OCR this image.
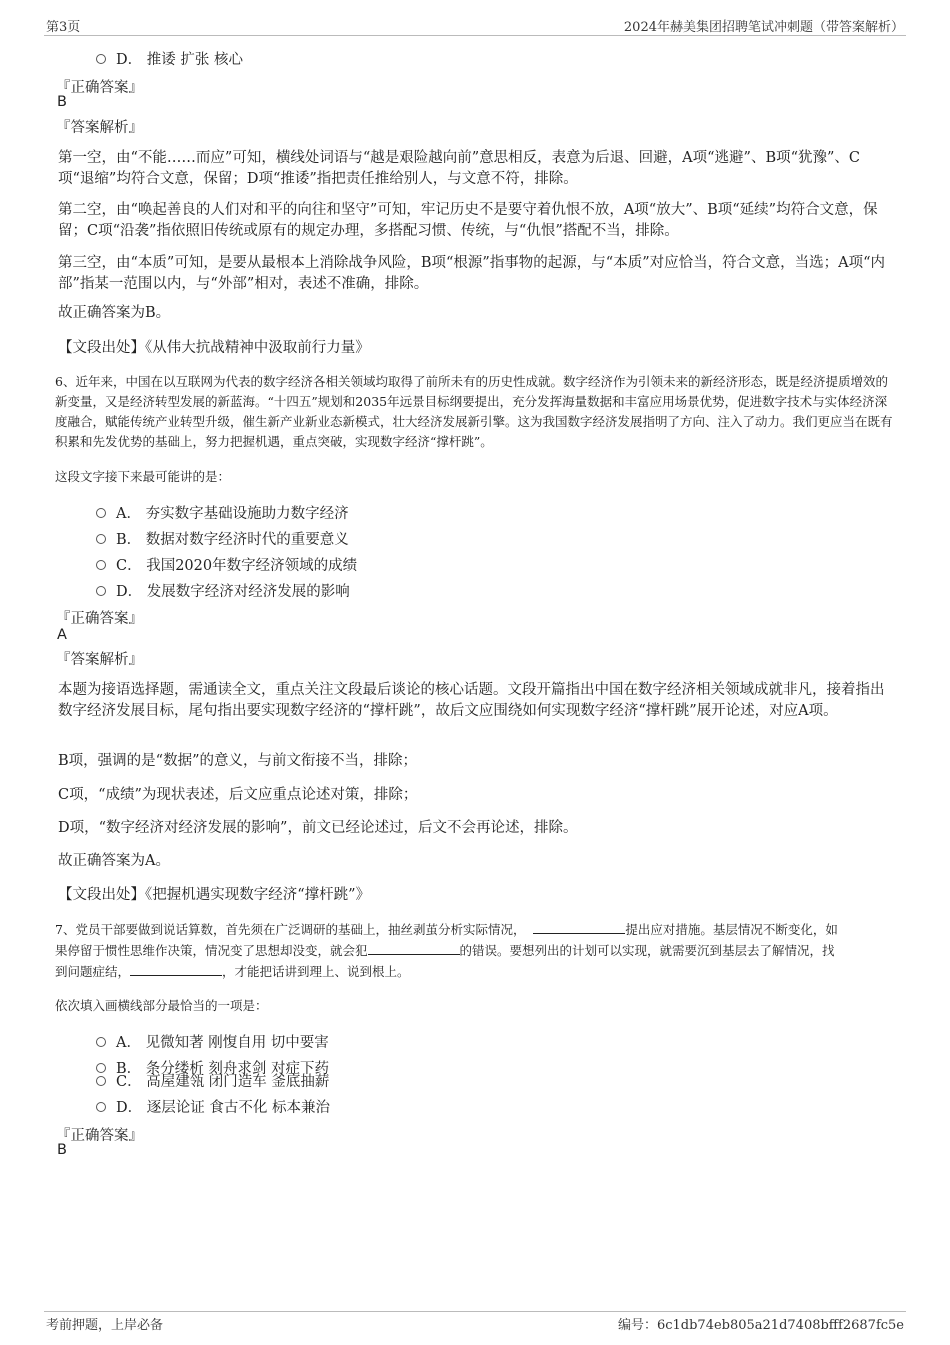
第3页	2024年赫美集团招聘笔试冲刺题（带答案解析）
D． 推诿 扩张 核心
『正确答案』
B
『答案解析』
第一空，由“不能……而应”可知，横线处词语与“越是艰险越向前”意思相反，表意为后退、回避，A项“逃避”、B项“犹豫”、C项“退缩”均符合文意，保留；D项“推诿”指把责任推给别人，与文意不符，排除。
第二空，由“唤起善良的人们对和平的向往和坚守”可知，牢记历史不是要守着仇恨不放，A项“放大”、B项“延续”均符合文意，保留；C项“沿袭”指依照旧传统或原有的规定办理，多搭配习惯、传统，与“仇恨”搭配不当，排除。
第三空，由“本质”可知，是要从最根本上消除战争风险，B项“根源”指事物的起源，与“本质”对应恰当，符合文意，当选；A项“内部”指某一范围以内，与“外部”相对，表述不准确，排除。
故正确答案为B。
【文段出处】《从伟大抗战精神中汲取前行力量》
6、近年来，中国在以互联网为代表的数字经济各相关领域均取得了前所未有的历史性成就。数字经济作为引领未来的新经济形态，既是经济提质增效的新变量，又是经济转型发展的新蓝海。“十四五”规划和2035年远景目标纲要提出，充分发挥海量数据和丰富应用场景优势，促进数字技术与实体经济深度融合，赋能传统产业转型升级，催生新产业新业态新模式，壮大经济发展新引擎。这为我国数字经济发展指明了方向、注入了动力。我们更应当在既有积累和先发优势的基础上，努力把握机遇，重点突破，实现数字经济“撑杆跳”。
这段文字接下来最可能讲的是：
A． 夯实数字基础设施助力数字经济
B． 数据对数字经济时代的重要意义
C． 我国2020年数字经济领域的成绩
D． 发展数字经济对经济发展的影响
『正确答案』
A
『答案解析』
本题为接语选择题，需通读全文，重点关注文段最后谈论的核心话题。文段开篇指出中国在数字经济相关领域成就非凡，接着指出数字经济发展目标，尾句指出要实现数字经济的“撑杆跳”，故后文应围绕如何实现数字经济“撑杆跳”展开论述，对应A项。
B项，强调的是“数据”的意义，与前文衔接不当，排除；
C项，“成绩”为现状表述，后文应重点论述对策，排除；
D项，“数字经济对经济发展的影响”，前文已经论述过，后文不会再论述，排除。
故正确答案为A。
【文段出处】《把握机遇实现数字经济“撑杆跳”》
7、党员干部要做到说话算数，首先须在广泛调研的基础上，抽丝剥茧分析实际情况，	提出应对措施。基层情况不断变化，如
果停留于惯性思维作决策，情况变了思想却没变，就会犯	的错误。要想列出的计划可以实现，就需要沉到基层去了解情况，找
到问题症结，	，才能把话讲到理上、说到根上。
依次填入画横线部分最恰当的一项是：
A． 见微知著 刚愎自用 切中要害
B． 条分缕析 刻舟求剑 对症下药
C． 高屋建瓴 闭门造车 釜底抽薪
D． 逐层论证 食古不化 标本兼治
『正确答案』
B
考前押题，上岸必备	编号：6c1db74eb805a21d7408bfff2687fc5e
